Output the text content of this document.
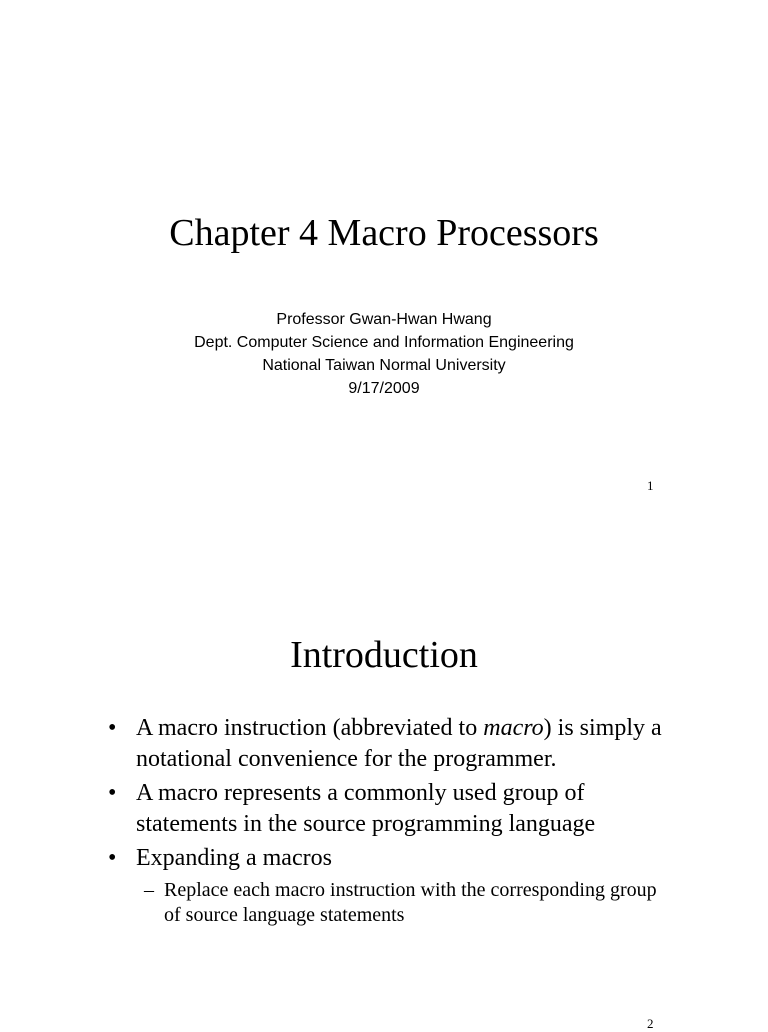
Chapter 4 Macro Processors
Professor Gwan-Hwan Hwang
Dept. Computer Science and Information Engineering
National Taiwan Normal University
9/17/2009
1
Introduction
• A macro instruction (abbreviated to macro) is simply a notational convenience for the programmer.
• A macro represents a commonly used group of statements in the source programming language
• Expanding a macros
– Replace each macro instruction with the corresponding group of source language statements
2
